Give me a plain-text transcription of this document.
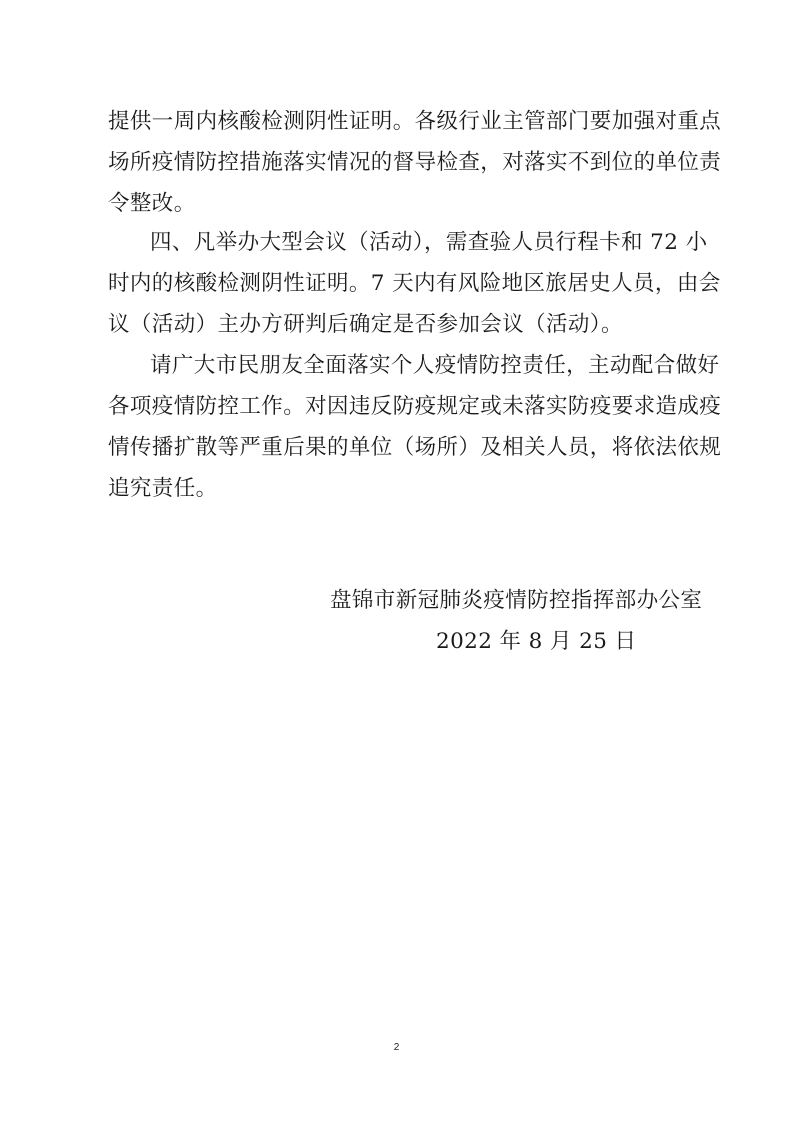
提供一周内核酸检测阴性证明。各级行业主管部门要加强对重点
场所疫情防控措施落实情况的督导检查，对落实不到位的单位责
令整改。
四、凡举办大型会议（活动），需查验人员行程卡和 72 小
时内的核酸检测阴性证明。7 天内有风险地区旅居史人员，由会
议（活动）主办方研判后确定是否参加会议（活动）。
请广大市民朋友全面落实个人疫情防控责任，主动配合做好
各项疫情防控工作。对因违反防疫规定或未落实防疫要求造成疫
情传播扩散等严重后果的单位（场所）及相关人员，将依法依规
追究责任。
盘锦市新冠肺炎疫情防控指挥部办公室
2022 年 8 月 25 日
2
